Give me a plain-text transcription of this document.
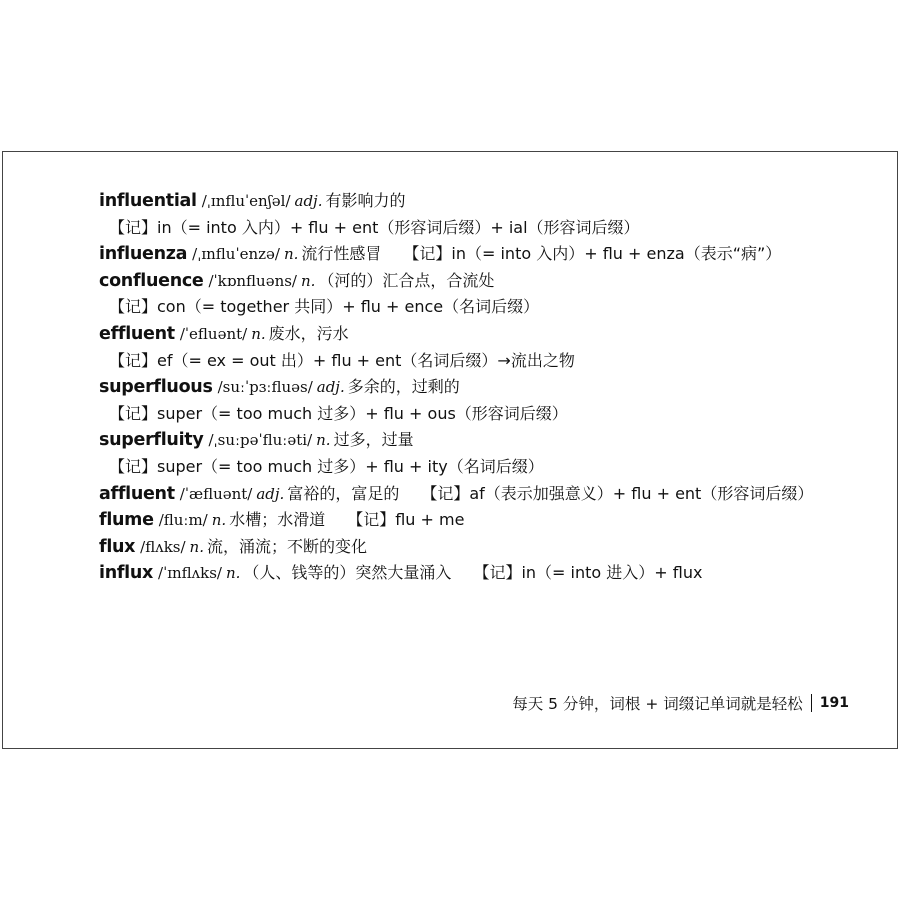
influential /ˌɪnfluˈenʃəl/ adj. 有影响力的
【记】in（= into 入内）+ flu + ent（形容词后缀）+ ial（形容词后缀）
influenza /ˌɪnfluˈenzə/ n. 流行性感冒 【记】in（= into 入内）+ flu + enza（表示“病”）
confluence /ˈkɒnfluəns/ n. （河的）汇合点，合流处
【记】con（= together 共同）+ flu + ence（名词后缀）
effluent /ˈefluənt/ n. 废水，污水
【记】ef（= ex = out 出）+ flu + ent（名词后缀）→流出之物
superfluous /suːˈpɜːfluəs/ adj. 多余的，过剩的
【记】super（= too much 过多）+ flu + ous（形容词后缀）
superfluity /ˌsuːpəˈfluːəti/ n. 过多，过量
【记】super（= too much 过多）+ flu + ity（名词后缀）
affluent /ˈæfluənt/ adj. 富裕的，富足的 【记】af（表示加强意义）+ flu + ent（形容词后缀）
flume /fluːm/ n. 水槽；水滑道 【记】flu + me
flux /flʌks/ n. 流，涌流；不断的变化
influx /ˈɪnflʌks/ n. （人、钱等的）突然大量涌入 【记】in（= into 进入）+ flux
每天 5 分钟，词根 + 词缀记单词就是轻松 191
